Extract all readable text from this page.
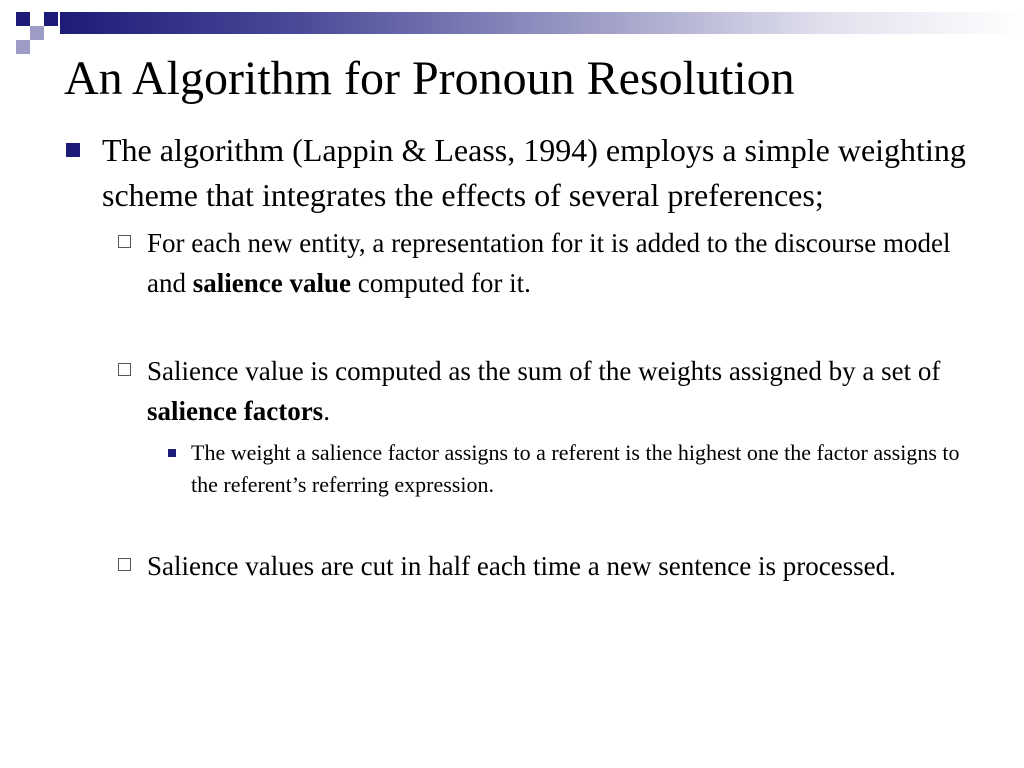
An Algorithm for Pronoun Resolution
The algorithm (Lappin & Leass, 1994) employs a simple weighting scheme that integrates the effects of several preferences;
For each new entity, a representation for it is added to the discourse model and salience value computed for it.
Salience value is computed as the sum of the weights assigned by a set of salience factors.
The weight a salience factor assigns to a referent is the highest one the factor assigns to the referent’s referring expression.
Salience values are cut in half each time a new sentence is processed.
